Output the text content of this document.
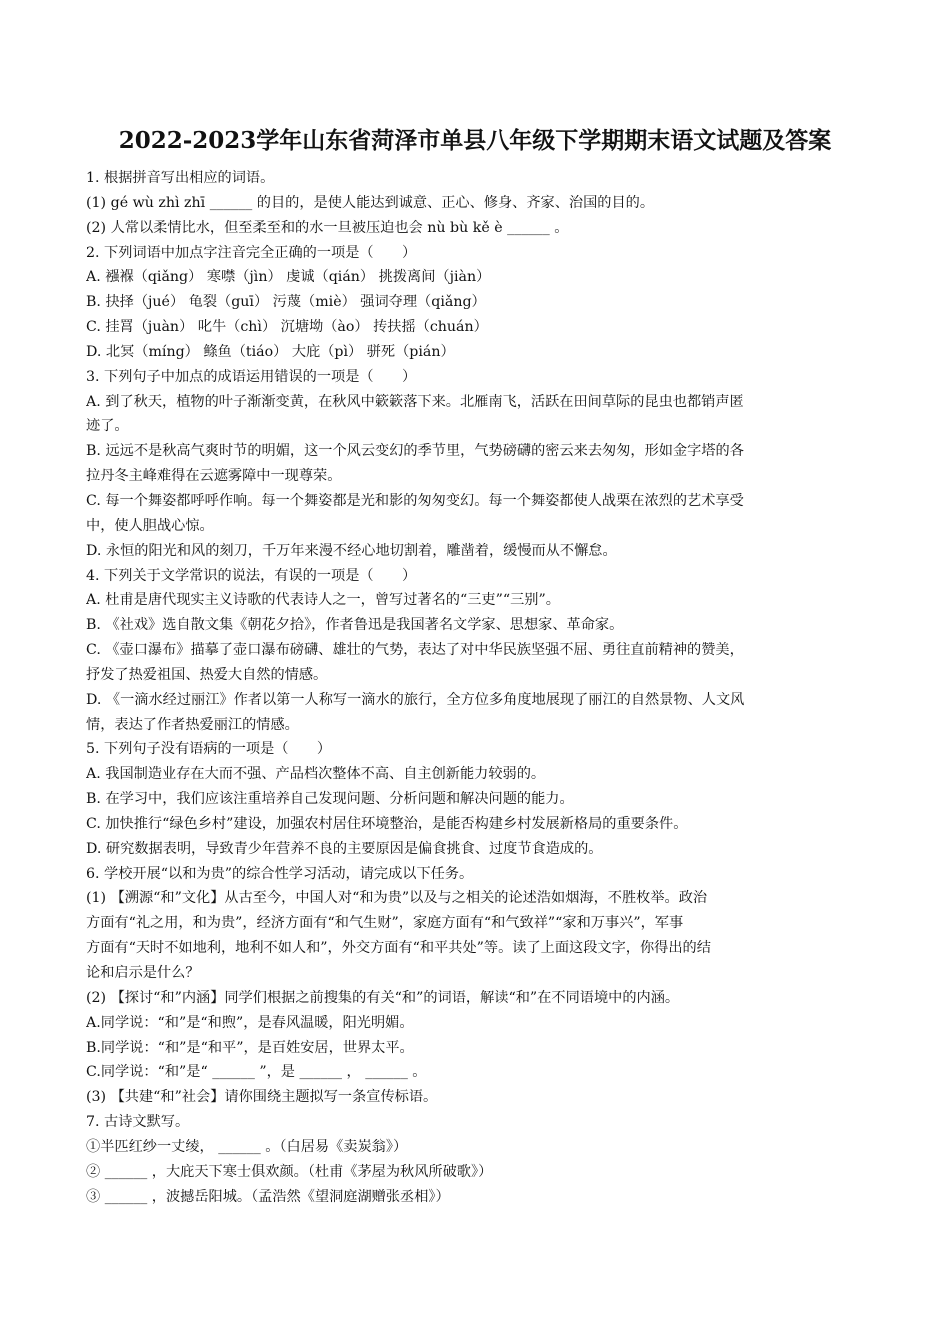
2022-2023学年山东省菏泽市单县八年级下学期期末语文试题及答案
1. 根据拼音写出相应的词语。
(1) gé wù zhì zhī ______ 的目的，是使人能达到诚意、正心、修身、齐家、治国的目的。
(2) 人常以柔情比水，但至柔至和的水一旦被压迫也会 nù bù kě è ______ 。
2. 下列词语中加点字注音完全正确的一项是（　　）
A. 襁褓（qiǎng） 寒噤（jìn） 虔诚（qián） 挑拨离间（jiàn）
B. 抉择（jué） 龟裂（guī） 污蔑（miè） 强词夺理（qiǎng）
C. 挂罥（juàn） 叱牛（chì） 沉塘坳（ào） 抟扶摇（chuán）
D. 北冥（míng） 鲦鱼（tiáo） 大庇（pì） 骈死（pián）
3. 下列句子中加点的成语运用错误的一项是（　　）
A. 到了秋天，植物的叶子渐渐变黄，在秋风中簌簌落下来。北雁南飞，活跃在田间草际的昆虫也都销声匿
迹了。
B. 远远不是秋高气爽时节的明媚，这一个风云变幻的季节里，气势磅礴的密云来去匆匆，形如金字塔的各
拉丹冬主峰难得在云遮雾障中一现尊荣。
C. 每一个舞姿都呼呼作响。每一个舞姿都是光和影的匆匆变幻。每一个舞姿都使人战栗在浓烈的艺术享受
中，使人胆战心惊。
D. 永恒的阳光和风的刻刀，千万年来漫不经心地切割着，雕凿着，缓慢而从不懈怠。
4. 下列关于文学常识的说法，有误的一项是（　　）
A. 杜甫是唐代现实主义诗歌的代表诗人之一，曾写过著名的“三吏”“三别”。
B. 《社戏》选自散文集《朝花夕拾》，作者鲁迅是我国著名文学家、思想家、革命家。
C. 《壶口瀑布》描摹了壶口瀑布磅礴、雄壮的气势，表达了对中华民族坚强不屈、勇往直前精神的赞美，
抒发了热爱祖国、热爱大自然的情感。
D. 《一滴水经过丽江》作者以第一人称写一滴水的旅行，全方位多角度地展现了丽江的自然景物、人文风
情，表达了作者热爱丽江的情感。
5. 下列句子没有语病的一项是（　　）
A. 我国制造业存在大而不强、产品档次整体不高、自主创新能力较弱的。
B. 在学习中，我们应该注重培养自己发现问题、分析问题和解决问题的能力。
C. 加快推行“绿色乡村”建设，加强农村居住环境整治，是能否构建乡村发展新格局的重要条件。
D. 研究数据表明，导致青少年营养不良的主要原因是偏食挑食、过度节食造成的。
6. 学校开展“以和为贵”的综合性学习活动，请完成以下任务。
(1) 【溯源“和”文化】从古至今，中国人对“和为贵”以及与之相关的论述浩如烟海，不胜枚举。政治
方面有“礼之用，和为贵”，经济方面有“和气生财”，家庭方面有“和气致祥”“家和万事兴”，军事
方面有“天时不如地利，地利不如人和”，外交方面有“和平共处”等。读了上面这段文字，你得出的结
论和启示是什么？
(2) 【探讨“和”内涵】同学们根据之前搜集的有关“和”的词语，解读“和”在不同语境中的内涵。
A.同学说：“和”是“和煦”，是春风温暖，阳光明媚。
B.同学说：“和”是“和平”，是百姓安居，世界太平。
C.同学说：“和”是“ ______ ”，是 ______ ， ______ 。
(3) 【共建“和”社会】请你围绕主题拟写一条宣传标语。
7. 古诗文默写。
①半匹红纱一丈绫， ______ 。（白居易《卖炭翁》）
② ______ ，大庇天下寒士俱欢颜。（杜甫《茅屋为秋风所破歌》）
③ ______ ，波撼岳阳城。（孟浩然《望洞庭湖赠张丞相》）
